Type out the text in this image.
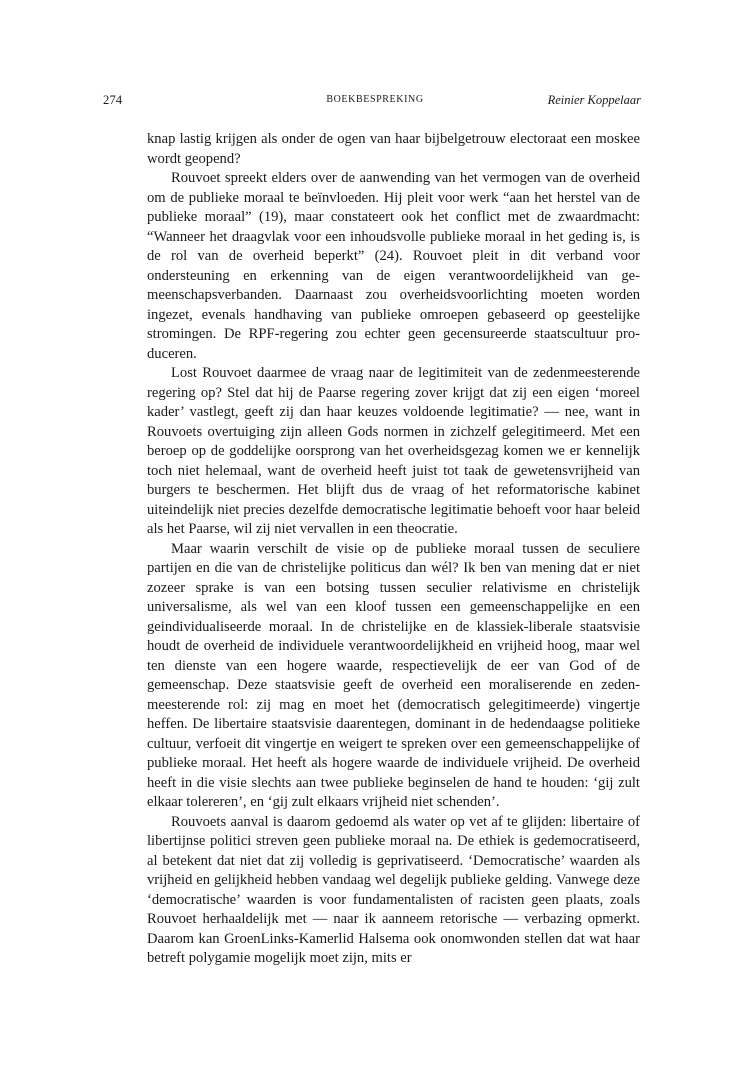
274	BOEKBESPREKING	Reinier Koppelaar

knap lastig krijgen als onder de ogen van haar bijbelgetrouw electoraat een moskee wordt geopend?

Rouvoet spreekt elders over de aanwending van het vermogen van de overheid om de publieke moraal te beïnvloeden. Hij pleit voor werk “aan het herstel van de publieke moraal” (19), maar constateert ook het conflict met de zwaardmacht: “Wanneer het draagvlak voor een inhoudsvolle publieke moraal in het geding is, is de rol van de overheid beperkt” (24). Rouvoet pleit in dit verband voor ondersteuning en erkenning van de eigen verantwoordelijkheid van gemeenschapsverbanden. Daarnaast zou overheidsvoorlichting moeten worden ingezet, evenals handhaving van publieke omroepen gebaseerd op geestelijke stromingen. De RPF-regering zou echter geen gecensureerde staatscultuur produceren.

Lost Rouvoet daarmee de vraag naar de legitimiteit van de zedenmeesterende regering op? Stel dat hij de Paarse regering zover krijgt dat zij een eigen ‘moreel kader’ vastlegt, geeft zij dan haar keuzes voldoende legitimatie? — nee, want in Rouvoets overtuiging zijn alleen Gods normen in zichzelf gelegitimeerd. Met een beroep op de goddelijke oorsprong van het overheidsgezag komen we er kennelijk toch niet helemaal, want de overheid heeft juist tot taak de gewetensvrijheid van burgers te beschermen. Het blijft dus de vraag of het reformatorische kabinet uiteindelijk niet precies dezelfde democratische legitimatie behoeft voor haar beleid als het Paarse, wil zij niet vervallen in een theocratie.

Maar waarin verschilt de visie op de publieke moraal tussen de seculiere partijen en die van de christelijke politicus dan wél? Ik ben van mening dat er niet zozeer sprake is van een botsing tussen seculier relativisme en christelijk universalisme, als wel van een kloof tussen een gemeenschappelijke en een geindividualiseerde moraal. In de christelijke en de klassiek-liberale staatsvisie houdt de overheid de individuele verantwoordelijkheid en vrijheid hoog, maar wel ten dienste van een hogere waarde, respectievelijk de eer van God of de gemeenschap. Deze staatsvisie geeft de overheid een moraliserende en zedenmeesterende rol: zij mag en moet het (democratisch gelegitimeerde) vingertje heffen. De libertaire staatsvisie daarentegen, dominant in de hedendaagse politieke cultuur, verfoeit dit vingertje en weigert te spreken over een gemeenschappelijke of publieke moraal. Het heeft als hogere waarde de individuele vrijheid. De overheid heeft in die visie slechts aan twee publieke beginselen de hand te houden: ‘gij zult elkaar tolereren’, en ‘gij zult elkaars vrijheid niet schenden’.

Rouvoets aanval is daarom gedoemd als water op vet af te glijden: libertaire of libertijnse politici streven geen publieke moraal na. De ethiek is gedemocratiseerd, al betekent dat niet dat zij volledig is geprivatiseerd. ‘Democratische’ waarden als vrijheid en gelijkheid hebben vandaag wel degelijk publieke gelding. Vanwege deze ‘democratische’ waarden is voor fundamentalisten of racisten geen plaats, zoals Rouvoet herhaaldelijk met — naar ik aanneem retorische — verbazing opmerkt. Daarom kan GroenLinks-Kamerlid Halsema ook onomwonden stellen dat wat haar betreft polygamie mogelijk moet zijn, mits er
